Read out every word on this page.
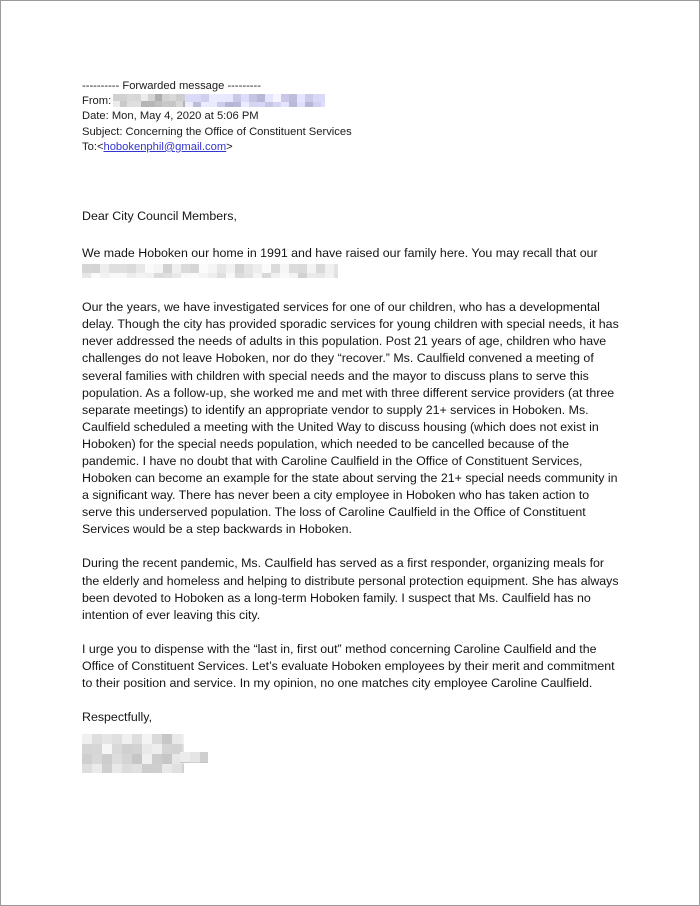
---------- Forwarded message ---------
From:
Date: Mon, May 4, 2020 at 5:06 PM
Subject: Concerning the Office of Constituent Services
To:<hobokenphil@gmail.com>

Dear City Council Members,

We made Hoboken our home in 1991 and have raised our family here. You may recall that our

Our the years, we have investigated services for one of our children, who has a developmental delay. Though the city has provided sporadic services for young children with special needs, it has never addressed the needs of adults in this population. Post 21 years of age, children who have challenges do not leave Hoboken, nor do they “recover.” Ms. Caulfield convened a meeting of several families with children with special needs and the mayor to discuss plans to serve this population. As a follow-up, she worked me and met with three different service providers (at three separate meetings) to identify an appropriate vendor to supply 21+ services in Hoboken. Ms. Caulfield scheduled a meeting with the United Way to discuss housing (which does not exist in Hoboken) for the special needs population, which needed to be cancelled because of the pandemic. I have no doubt that with Caroline Caulfield in the Office of Constituent Services, Hoboken can become an example for the state about serving the 21+ special needs community in a significant way. There has never been a city employee in Hoboken who has taken action to serve this underserved population. The loss of Caroline Caulfield in the Office of Constituent Services would be a step backwards in Hoboken.

During the recent pandemic, Ms. Caulfield has served as a first responder, organizing meals for the elderly and homeless and helping to distribute personal protection equipment. She has always been devoted to Hoboken as a long-term Hoboken family. I suspect that Ms. Caulfield has no intention of ever leaving this city.

I urge you to dispense with the “last in, first out” method concerning Caroline Caulfield and the Office of Constituent Services. Let’s evaluate Hoboken employees by their merit and commitment to their position and service. In my opinion, no one matches city employee Caroline Caulfield.

Respectfully,
